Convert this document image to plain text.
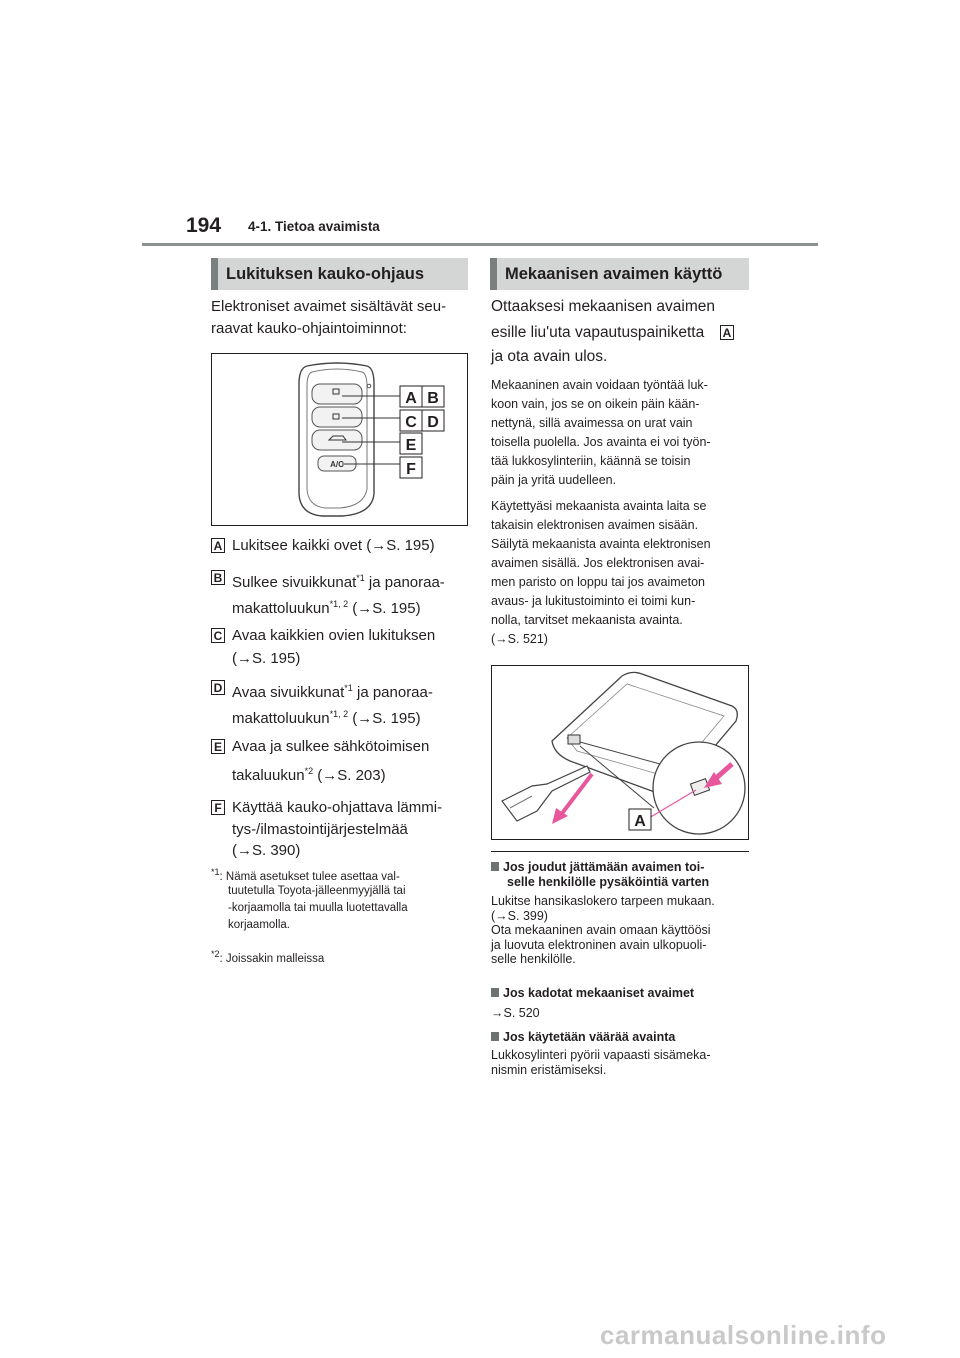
194 4-1. Tietoa avaimista
Lukituksen kauko-ohjaus
Elektroniset avaimet sisältävät seu-
raavat kauko-ohjaintoiminnot:
A/C
A B
C D
E
F
A Lukitsee kaikki ovet (→S. 195)
B Sulkee sivuikkunat$^{*1}$ ja panoraa-
makattoluukun$^{*1, 2}$ (→S. 195)
C Avaa kaikkien ovien lukituksen
(→S. 195)
D Avaa sivuikkunat$^{*1}$ ja panoraa-
makattoluukun$^{*1, 2}$ (→S. 195)
E Avaa ja sulkee sähkötoimisen
takaluukun$^{*2}$ (→S. 203)
F Käyttää kauko-ohjattava lämmi-
tys-/ilmastointijärjestelmää
(→S. 390)
$^{*1}$: Nämä asetukset tulee asettaa val-
tuutetulla Toyota-jälleenmyyjällä tai
-korjaamolla tai muulla luotettavalla
korjaamolla.
$^{*2}$: Joissakin malleissa
Mekaanisen avaimen käyttö
Ottaaksesi mekaanisen avaimen
esille liu'uta vapautuspainiketta A
ja ota avain ulos.
Mekaaninen avain voidaan työntää luk-
koon vain, jos se on oikein päin kään-
nettynä, sillä avaimessa on urat vain
toisella puolella. Jos avainta ei voi työn-
tää lukkosylinteriin, käännä se toisin
päin ja yritä uudelleen.
Käytettyäsi mekaanista avainta laita se
takaisin elektronisen avaimen sisään.
Säilytä mekaanista avainta elektronisen
avaimen sisällä. Jos elektronisen avai-
men paristo on loppu tai jos avaimeton
avaus- ja lukitustoiminto ei toimi kun-
nolla, tarvitset mekaanista avainta.
(→S. 521)
A
Jos joudut jättämään avaimen toi-
selle henkilölle pysäköintiä varten
Lukitse hansikaslokero tarpeen mukaan.
(→S. 399)
Ota mekaaninen avain omaan käyttöösi
ja luovuta elektroninen avain ulkopuoli-
selle henkilölle.
Jos kadotat mekaaniset avaimet
→S. 520
Jos käytetään väärää avainta
Lukkosylinteri pyörii vapaasti sisämeka-
nismin eristämiseksi.
carmanualsonline.info
